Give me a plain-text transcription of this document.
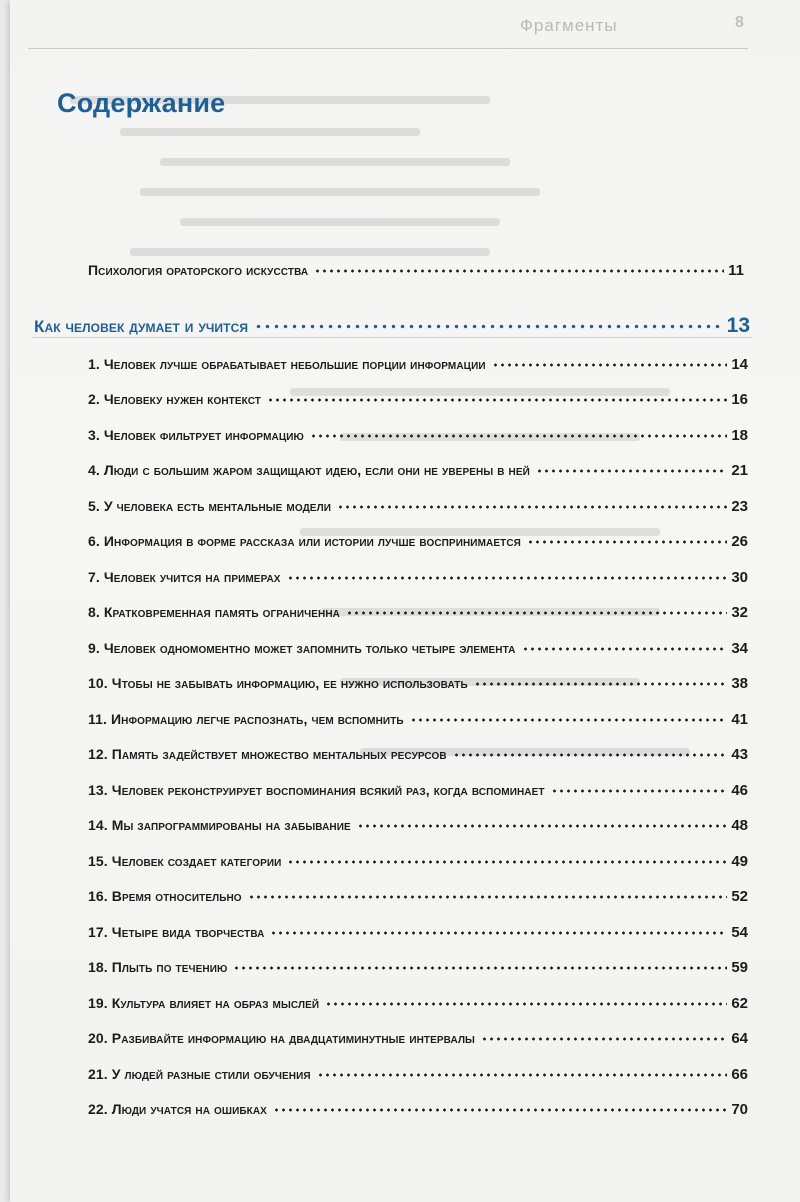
Фрагменты	8
Содержание
Психология ораторского искусства	11
Как человек думает и учится	13
1. Человек лучше обрабатывает небольшие порции информации	14
2. Человеку нужен контекст	16
3. Человек фильтрует информацию	18
4. Люди с большим жаром защищают идею, если они не уверены в ней	21
5. У человека есть ментальные модели	23
6. Информация в форме рассказа или истории лучше воспринимается	26
7. Человек учится на примерах	30
8. Кратковременная память ограниченна	32
9. Человек одномоментно может запомнить только четыре элемента	34
10. Чтобы не забывать информацию, ее нужно использовать	38
11. Информацию легче распознать, чем вспомнить	41
12. Память задействует множество ментальных ресурсов	43
13. Человек реконструирует воспоминания всякий раз, когда вспоминает	46
14. Мы запрограммированы на забывание	48
15. Человек создает категории	49
16. Время относительно	52
17. Четыре вида творчества	54
18. Плыть по течению	59
19. Культура влияет на образ мыслей	62
20. Разбивайте информацию на двадцатиминутные интервалы	64
21. У людей разные стили обучения	66
22. Люди учатся на ошибках	70
